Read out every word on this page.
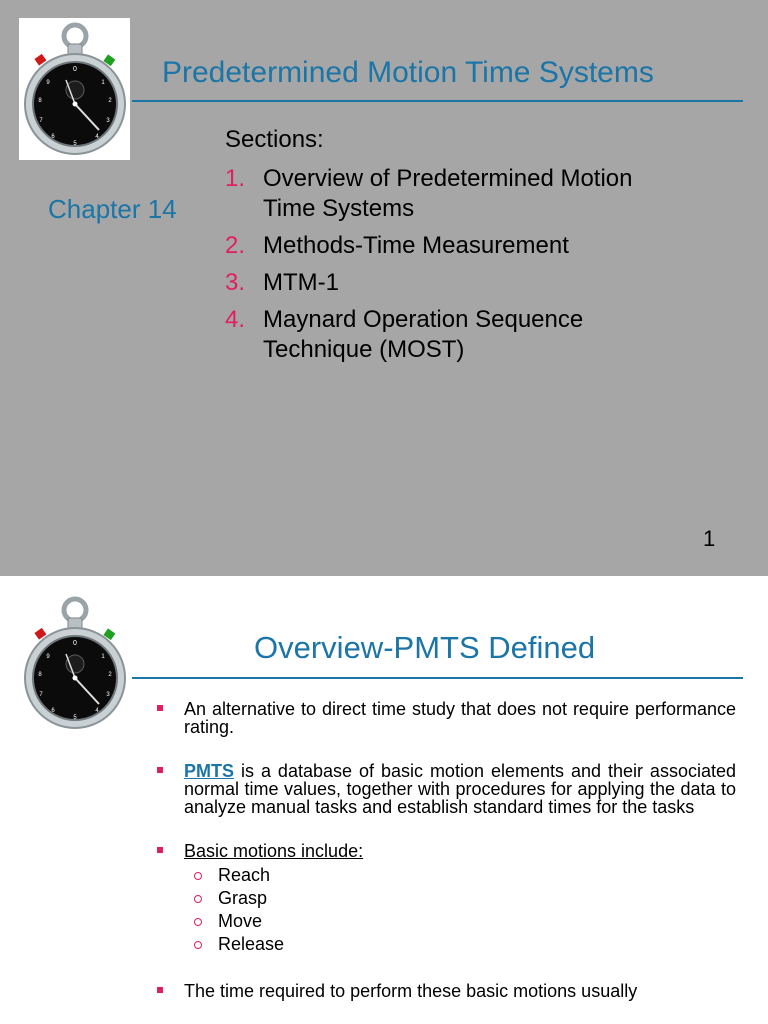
0
1
2
3
4
5
6
7
8
9	Predetermined Motion Time Systems
Chapter 14
Sections:
1. Overview of Predetermined Motion Time Systems
2. Methods-Time Measurement
3. MTM-1
4. Maynard Operation Sequence Technique (MOST)
1
0
1
2
3
4
5
6
7
8
9	Overview-PMTS Defined
An alternative to direct time study that does not require performance rating.
PMTS is a database of basic motion elements and their associated normal time values, together with procedures for applying the data to analyze manual tasks and establish standard times for the tasks
Basic motions include:
Reach
Grasp
Move
Release
The time required to perform these basic motions usually
